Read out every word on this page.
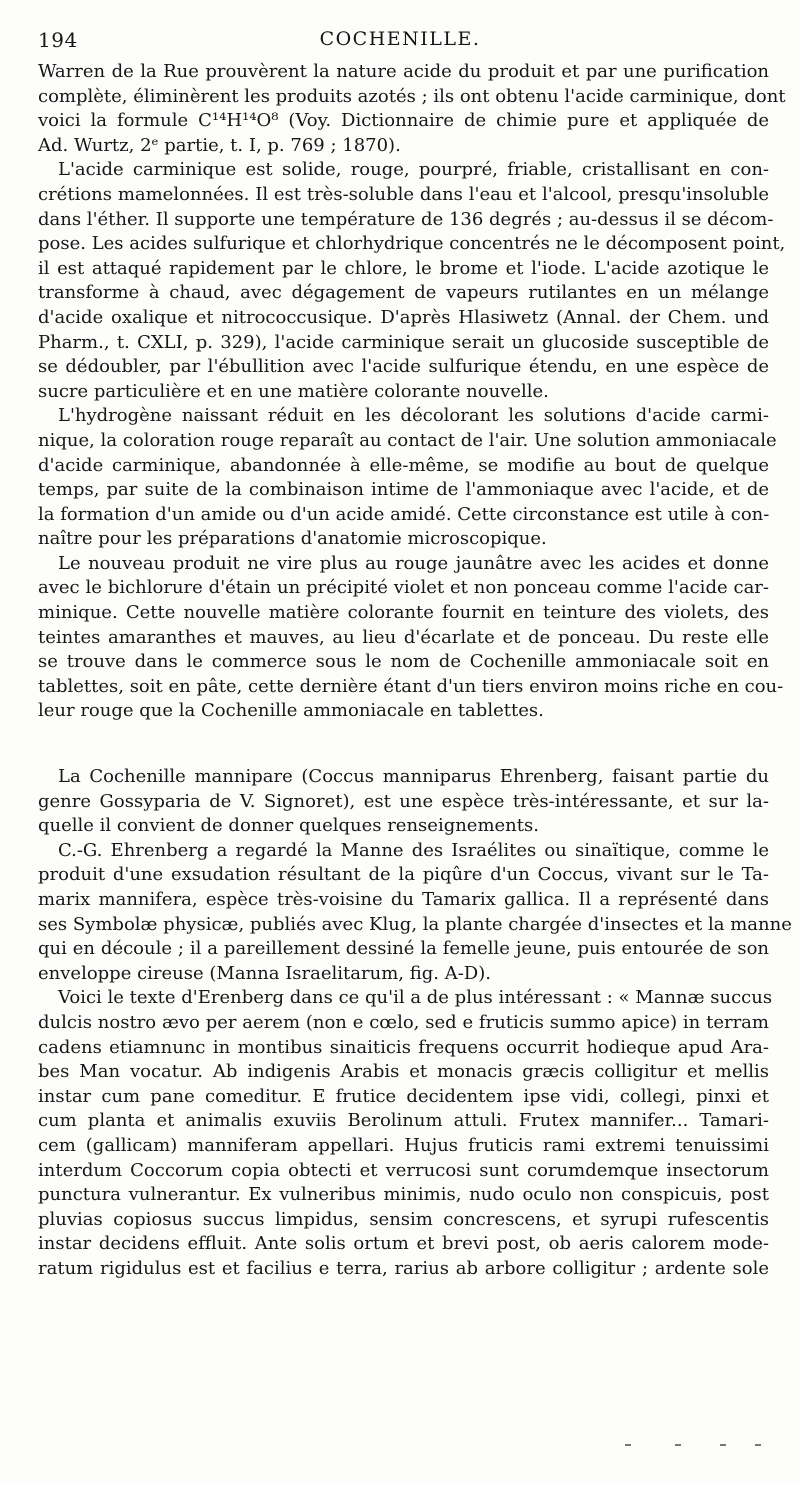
194	COCHENILLE.
Warren de la Rue prouvèrent la nature acide du produit et par une purification
complète, éliminèrent les produits azotés ; ils ont obtenu l'acide carminique, dont
voici la formule C¹⁴H¹⁴O⁸ (Voy. Dictionnaire de chimie pure et appliquée de
Ad. Wurtz, 2ᵉ partie, t. I, p. 769 ; 1870).
L'acide carminique est solide, rouge, pourpré, friable, cristallisant en con-
crétions mamelonnées. Il est très-soluble dans l'eau et l'alcool, presqu'insoluble
dans l'éther. Il supporte une température de 136 degrés ; au-dessus il se décom-
pose. Les acides sulfurique et chlorhydrique concentrés ne le décomposent point,
il est attaqué rapidement par le chlore, le brome et l'iode. L'acide azotique le
transforme à chaud, avec dégagement de vapeurs rutilantes en un mélange
d'acide oxalique et nitrococcusique. D'après Hlasiwetz (Annal. der Chem. und
Pharm., t. CXLI, p. 329), l'acide carminique serait un glucoside susceptible de
se dédoubler, par l'ébullition avec l'acide sulfurique étendu, en une espèce de
sucre particulière et en une matière colorante nouvelle.
L'hydrogène naissant réduit en les décolorant les solutions d'acide carmi-
nique, la coloration rouge reparaît au contact de l'air. Une solution ammoniacale
d'acide carminique, abandonnée à elle-même, se modifie au bout de quelque
temps, par suite de la combinaison intime de l'ammoniaque avec l'acide, et de
la formation d'un amide ou d'un acide amidé. Cette circonstance est utile à con-
naître pour les préparations d'anatomie microscopique.
Le nouveau produit ne vire plus au rouge jaunâtre avec les acides et donne
avec le bichlorure d'étain un précipité violet et non ponceau comme l'acide car-
minique. Cette nouvelle matière colorante fournit en teinture des violets, des
teintes amaranthes et mauves, au lieu d'écarlate et de ponceau. Du reste elle
se trouve dans le commerce sous le nom de Cochenille ammoniacale soit en
tablettes, soit en pâte, cette dernière étant d'un tiers environ moins riche en cou-
leur rouge que la Cochenille ammoniacale en tablettes.
La Cochenille mannipare (Coccus manniparus Ehrenberg, faisant partie du
genre Gossyparia de V. Signoret), est une espèce très-intéressante, et sur la-
quelle il convient de donner quelques renseignements.
C.-G. Ehrenberg a regardé la Manne des Israélites ou sinaïtique, comme le
produit d'une exsudation résultant de la piqûre d'un Coccus, vivant sur le Ta-
marix mannifera, espèce très-voisine du Tamarix gallica. Il a représenté dans
ses Symbolæ physicæ, publiés avec Klug, la plante chargée d'insectes et la manne
qui en découle ; il a pareillement dessiné la femelle jeune, puis entourée de son
enveloppe cireuse (Manna Israelitarum, fig. A-D).
Voici le texte d'Erenberg dans ce qu'il a de plus intéressant : « Mannæ succus
dulcis nostro ævo per aerem (non e cœlo, sed e fruticis summo apice) in terram
cadens etiamnunc in montibus sinaiticis frequens occurrit hodieque apud Ara-
bes Man vocatur. Ab indigenis Arabis et monacis græcis colligitur et mellis
instar cum pane comeditur. E frutice decidentem ipse vidi, collegi, pinxi et
cum planta et animalis exuviis Berolinum attuli. Frutex mannifer... Tamari-
cem (gallicam) manniferam appellari. Hujus fruticis rami extremi tenuissimi
interdum Coccorum copia obtecti et verrucosi sunt corumdemque insectorum
punctura vulnerantur. Ex vulneribus minimis, nudo oculo non conspicuis, post
pluvias copiosus succus limpidus, sensim concrescens, et syrupi rufescentis
instar decidens effluit. Ante solis ortum et brevi post, ob aeris calorem mode-
ratum rigidulus est et facilius e terra, rarius ab arbore colligitur ; ardente sole
